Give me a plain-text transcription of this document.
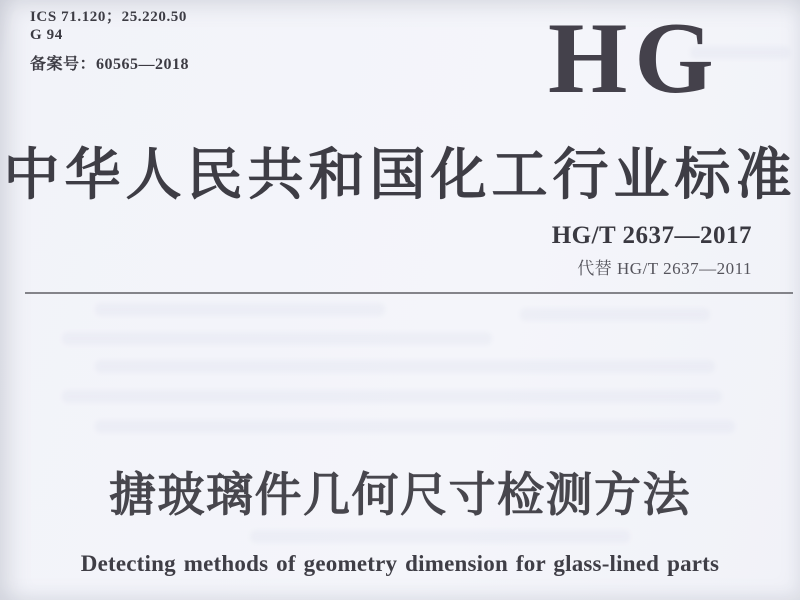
ICS 71.120；25.220.50
G 94
备案号：60565—2018	HG
中华人民共和国化工行业标准
HG/T 2637—2017
代替 HG/T 2637—2011
搪玻璃件几何尺寸检测方法
Detecting methods of geometry dimension for glass-lined parts
